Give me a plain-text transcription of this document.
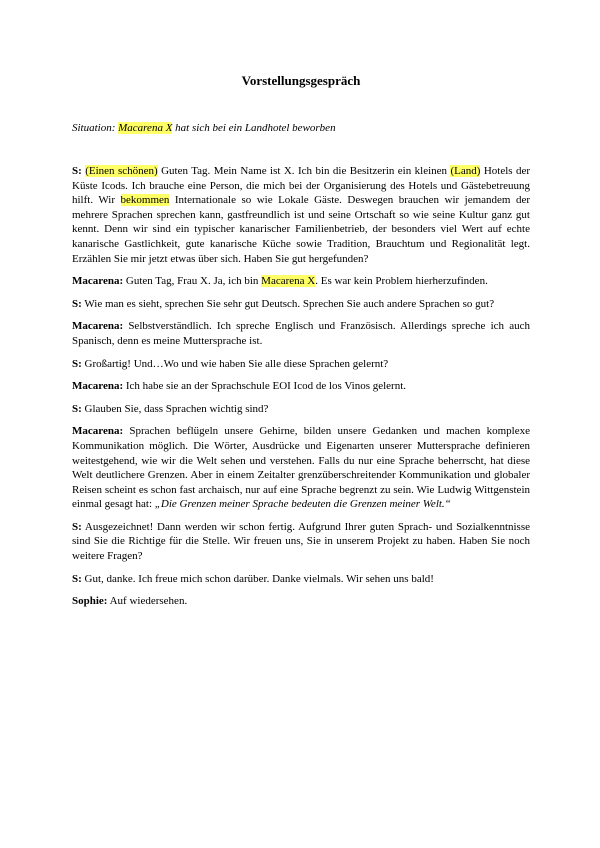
Vorstellungsgespräch
Situation: Macarena X hat sich bei ein Landhotel beworben

S: (Einen schönen) Guten Tag. Mein Name ist X. Ich bin die Besitzerin ein kleinen (Land) Hotels der Küste Icods. Ich brauche eine Person, die mich bei der Organisierung des Hotels und Gästebetreuung hilft. Wir bekommen Internationale so wie Lokale Gäste. Deswegen brauchen wir jemandem der mehrere Sprachen sprechen kann, gastfreundlich ist und seine Ortschaft so wie seine Kultur ganz gut kennt. Denn wir sind ein typischer kanarischer Familienbetrieb, der besonders viel Wert auf echte kanarische Gastlichkeit, gute kanarische Küche sowie Tradition, Brauchtum und Regionalität legt. Erzählen Sie mir jetzt etwas über sich. Haben Sie gut hergefunden?

Macarena: Guten Tag, Frau X. Ja, ich bin Macarena X. Es war kein Problem hierherzufinden.

S: Wie man es sieht, sprechen Sie sehr gut Deutsch. Sprechen Sie auch andere Sprachen so gut?

Macarena: Selbstverständlich. Ich spreche Englisch und Französisch. Allerdings spreche ich auch Spanisch, denn es meine Muttersprache ist.

S: Großartig! Und…Wo und wie haben Sie alle diese Sprachen gelernt?

Macarena: Ich habe sie an der Sprachschule EOI Icod de los Vinos gelernt.

S: Glauben Sie, dass Sprachen wichtig sind?

Macarena: Sprachen beflügeln unsere Gehirne, bilden unsere Gedanken und machen komplexe Kommunikation möglich. Die Wörter, Ausdrücke und Eigenarten unserer Muttersprache definieren weitestgehend, wie wir die Welt sehen und verstehen. Falls du nur eine Sprache beherrscht, hat diese Welt deutlichere Grenzen. Aber in einem Zeitalter grenzüberschreitender Kommunikation und globaler Reisen scheint es schon fast archaisch, nur auf eine Sprache begrenzt zu sein. Wie Ludwig Wittgenstein einmal gesagt hat: „Die Grenzen meiner Sprache bedeuten die Grenzen meiner Welt.“

S: Ausgezeichnet! Dann werden wir schon fertig. Aufgrund Ihrer guten Sprach- und Sozialkenntnisse sind Sie die Richtige für die Stelle. Wir freuen uns, Sie in unserem Projekt zu haben. Haben Sie noch weitere Fragen?

S: Gut, danke. Ich freue mich schon darüber. Danke vielmals. Wir sehen uns bald!

Sophie: Auf wiedersehen.
